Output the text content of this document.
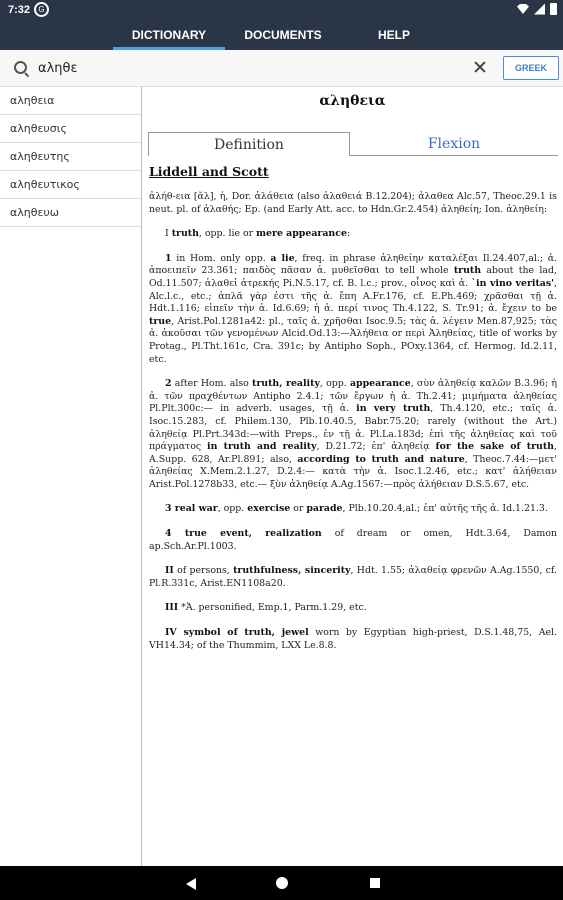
7:32	G
DICTIONARY	DOCUMENTS	HELP
αληθε
GREEK
αληθεια
αληθευσις
αληθευτης
αληθευτικος
αληθευω
αληθεια
Definition	Flexion
Liddell and Scott

ἀλήθ-εια [ᾰλ], ἡ, Dor. ἀλάθεια (also ἀλαθειά B.12.204); ἀλαθεα Alc.57, Theoc.29.1 is neut. pl. of ἀλαθής; Ep. (and Early Att. acc. to Hdn.Gr.2.454) ἀληθείη; Ion. ἀληθείη:

I truth, opp. lie or mere appearance:

1 in Hom. only opp. a lie, freq. in phrase ἀληθείην καταλέξαι Il.24.407,al.; ἀ. ἀποειπεῖν 23.361; παιδὸς πᾶσαν ἀ. μυθεῖσθαι to tell whole truth about the lad, Od.11.507; ἀλαθεἰ ἀτρεκής Pi.N.5.17, cf. B. l.c.; prov., οἶνος καὶ ἀ. `in vino veritas', Alc.l.c., etc.; ἁπλᾶ γὰρ ἐστι τῆς ἀ. ἔπη A.Fr.176, cf. E.Ph.469; χρᾶσθαι τῇ ἀ. Hdt.1.116; εἰπεῖν τὴν ἀ. Id.6.69; ἡ ἀ. περί τινος Th.4.122, S. Tr.91; ἀ. ἔχειν to be true, Arist.Pol.1281a42: pl., ταῖς ἀ. χρῆσθαι Isoc.9.5; τὰς ἀ. λέγειν Men.87,925; τὰς ἀ. ἀκοῦσαι τῶν γενομένων Alcid.Od.13:—Ἀλήθεια or περὶ Ἀληθείας, title of works by Protag., Pl.Tht.161c, Cra. 391c; by Antipho Soph., POxy.1364, cf. Hermog. Id.2.11, etc.

2 after Hom. also truth, reality, opp. appearance, σὺν ἀληθείᾳ καλῶν B.3.96; ἡ ἀ. τῶν πραχθέντων Antipho 2.4.1; τῶν ἔργων ἡ ἀ. Th.2.41; μιμήματα ἀληθείας Pl.Plt.300c:— in adverb. usages, τῇ ἀ. in very truth, Th.4.120, etc.; ταῖς ἀ. Isoc.15.283, cf. Philem.130, Plb.10.40.5, Babr.75.20; rarely (without the Art.) ἀληθείᾳ Pl.Prt.343d:—with Preps., ἐν τῇ ἀ. Pl.La.183d; ἐπὶ τῆς ἀληθείας καὶ τοῦ πράγματος in truth and reality, D.21.72; ἐπ' ἀληθείᾳ for the sake of truth, A.Supp. 628, Ar.Pl.891; also, according to truth and nature, Theoc.7.44:—μετ' ἀληθείας X.Mem.2.1.27, D.2.4:— κατὰ τὴν ἀ. Isoc.1.2.46, etc.; κατ' ἀλήθειαν Arist.Pol.1278b33, etc.— ξὺν ἀληθείᾳ A.Ag.1567:—πρὸς ἀλήθειαν D.S.5.67, etc.

3 real war, opp. exercise or parade, Plb.10.20.4,al.; ἐπ' αὐτῆς τῆς ἀ. Id.1.21.3.

4 true event, realization of dream or omen, Hdt.3.64, Damon ap.Sch.Ar.Pl.1003.

II of persons, truthfulness, sincerity, Hdt. 1.55; ἀλαθείᾳ φρενῶν A.Ag.1550, cf. Pl.R.331c, Arist.EN1108a20.

III *Ἀ. personified, Emp.1, Parm.1.29, etc.

IV symbol of truth, jewel worn by Egyptian high-priest, D.S.1.48,75, Ael. VH14.34; of the Thummim, LXX Le.8.8.
